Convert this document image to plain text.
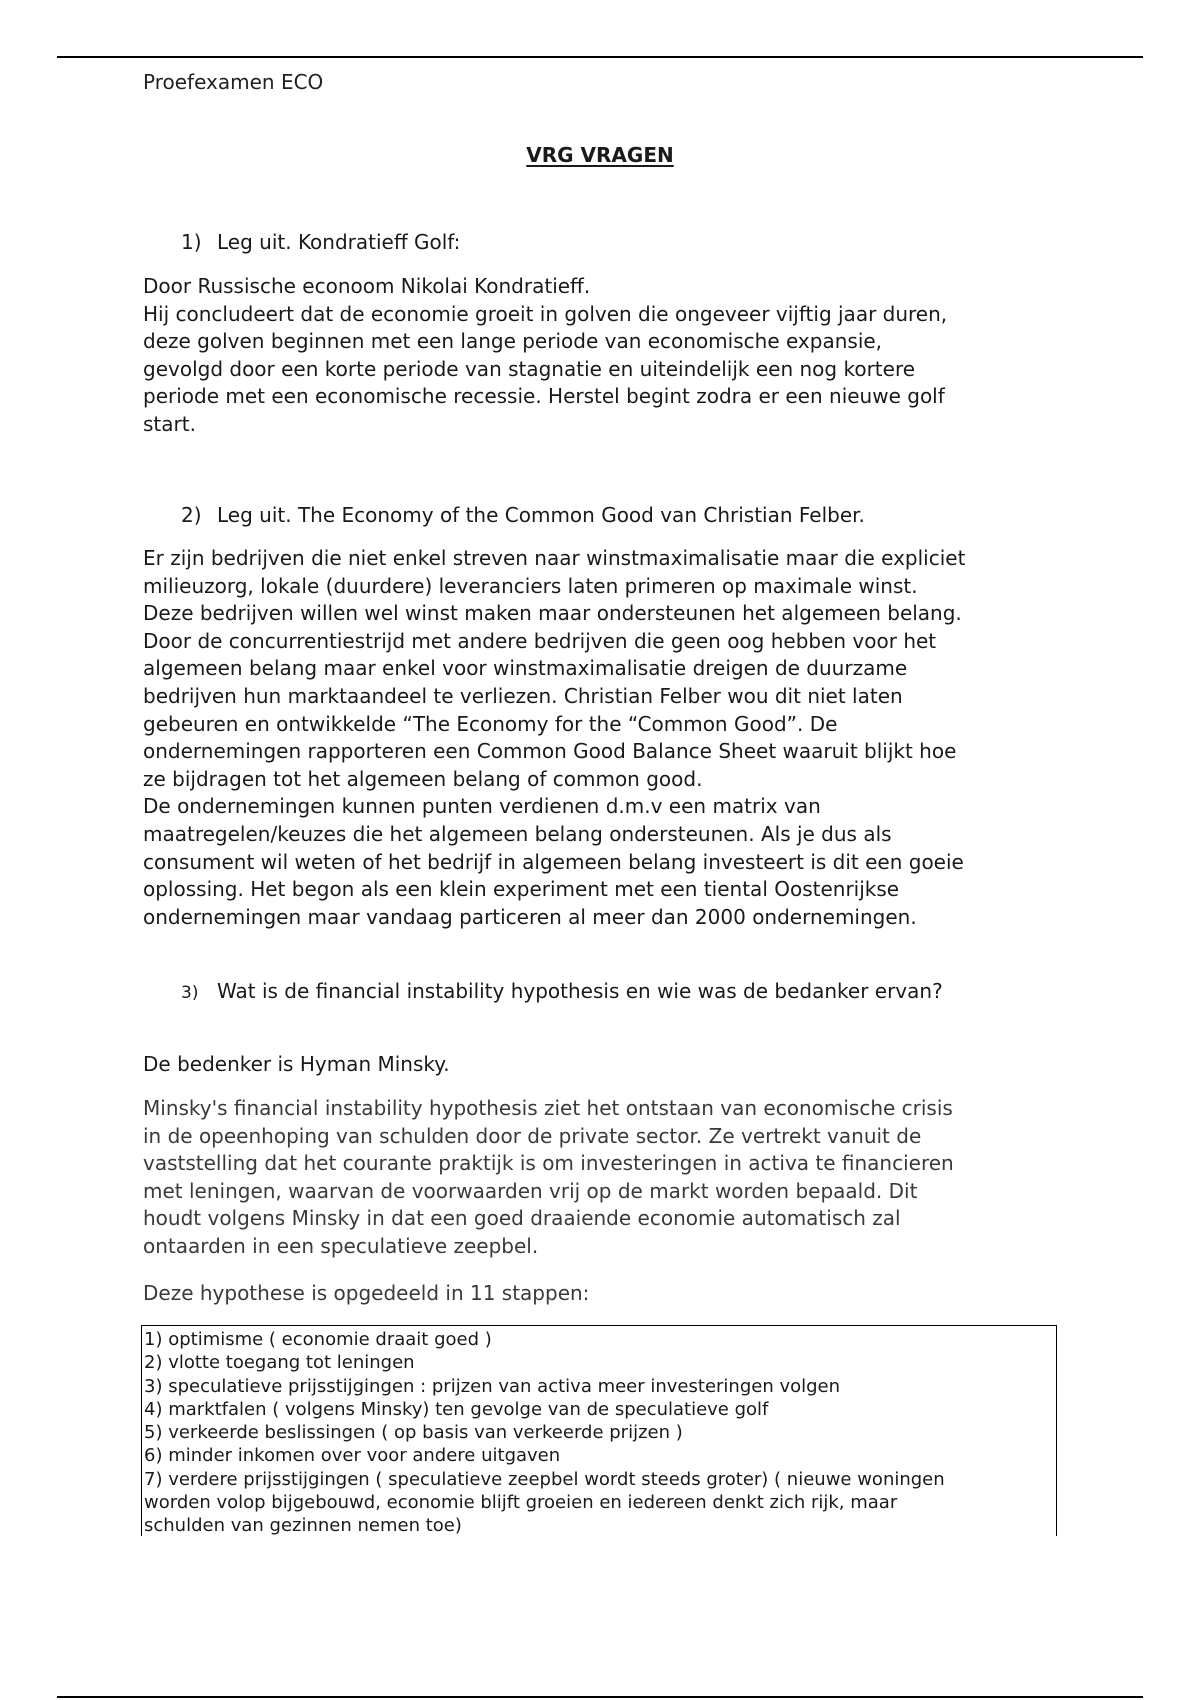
Proefexamen ECO
VRG VRAGEN
1) Leg uit. Kondratieff Golf:

Door Russische econoom Nikolai Kondratieff.

Hij concludeert dat de economie groeit in golven die ongeveer vijftig jaar duren,

deze golven beginnen met een lange periode van economische expansie,

gevolgd door een korte periode van stagnatie en uiteindelijk een nog kortere

periode met een economische recessie. Herstel begint zodra er een nieuwe golf

start.

2) Leg uit. The Economy of the Common Good van Christian Felber.

Er zijn bedrijven die niet enkel streven naar winstmaximalisatie maar die expliciet

milieuzorg, lokale (duurdere) leveranciers laten primeren op maximale winst.

Deze bedrijven willen wel winst maken maar ondersteunen het algemeen belang.

Door de concurrentiestrijd met andere bedrijven die geen oog hebben voor het

algemeen belang maar enkel voor winstmaximalisatie dreigen de duurzame

bedrijven hun marktaandeel te verliezen. Christian Felber wou dit niet laten

gebeuren en ontwikkelde “The Economy for the “Common Good”. De

ondernemingen rapporteren een Common Good Balance Sheet waaruit blijkt hoe

ze bijdragen tot het algemeen belang of common good.

De ondernemingen kunnen punten verdienen d.m.v een matrix van

maatregelen/keuzes die het algemeen belang ondersteunen. Als je dus als

consument wil weten of het bedrijf in algemeen belang investeert is dit een goeie

oplossing. Het begon als een klein experiment met een tiental Oostenrijkse

ondernemingen maar vandaag particeren al meer dan 2000 ondernemingen.

3) Wat is de financial instability hypothesis en wie was de bedanker ervan?

De bedenker is Hyman Minsky.

Minsky's financial instability hypothesis ziet het ontstaan van economische crisis

in de opeenhoping van schulden door de private sector. Ze vertrekt vanuit de

vaststelling dat het courante praktijk is om investeringen in activa te financieren

met leningen, waarvan de voorwaarden vrij op de markt worden bepaald. Dit

houdt volgens Minsky in dat een goed draaiende economie automatisch zal

ontaarden in een speculatieve zeepbel.

Deze hypothese is opgedeeld in 11 stappen:

1) optimisme ( economie draait goed )
2) vlotte toegang tot leningen
3) speculatieve prijsstijgingen : prijzen van activa meer investeringen volgen
4) marktfalen ( volgens Minsky) ten gevolge van de speculatieve golf
5) verkeerde beslissingen ( op basis van verkeerde prijzen )
6) minder inkomen over voor andere uitgaven
7) verdere prijsstijgingen ( speculatieve zeepbel wordt steeds groter) ( nieuwe woningen
worden volop bijgebouwd, economie blijft groeien en iedereen denkt zich rijk, maar
schulden van gezinnen nemen toe)
